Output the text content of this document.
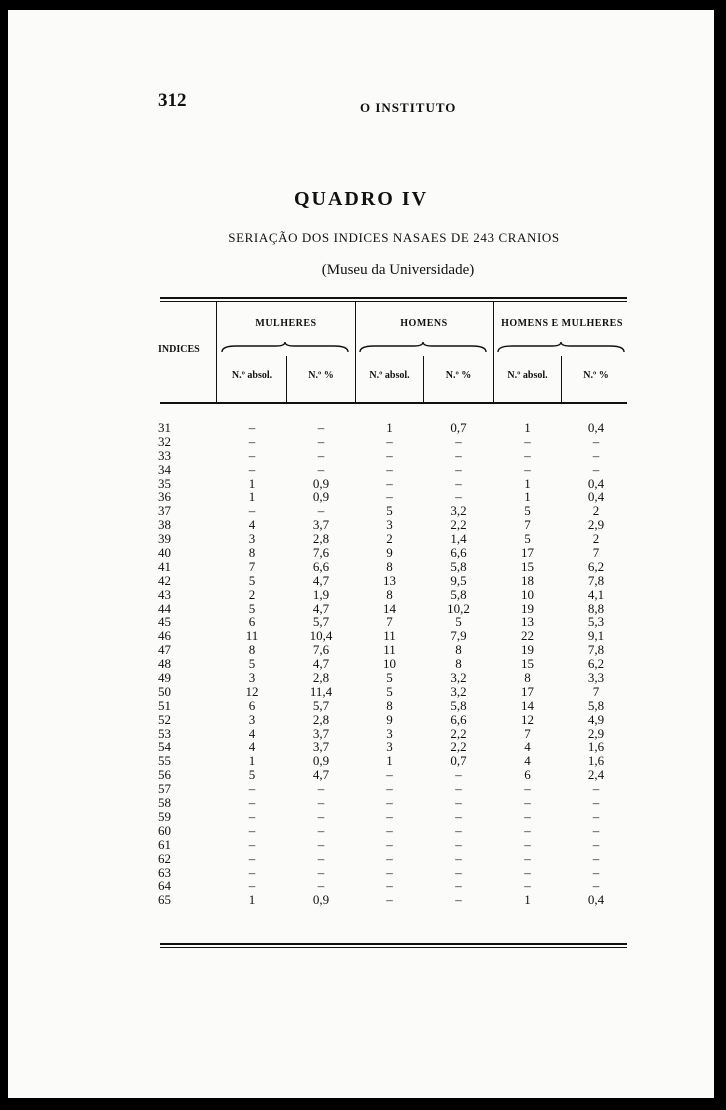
312	O INSTITUTO
QUADRO IV
SERIAÇÃO DOS INDICES NASAES DE 243 CRANIOS
(Museu da Universidade)
MULHERES	HOMENS	HOMENS E MULHERES
INDICES
N.º absol.	N.º %	N.º absol.	N.º %	N.º absol.	N.º %
31	–	–	1	0,7	1	0,4
32	–	–	–	–	–	–
33	–	–	–	–	–	–
34	–	–	–	–	–	–
35	1	0,9	–	–	1	0,4
36	1	0,9	–	–	1	0,4
37	–	–	5	3,2	5	2
38	4	3,7	3	2,2	7	2,9
39	3	2,8	2	1,4	5	2
40	8	7,6	9	6,6	17	7
41	7	6,6	8	5,8	15	6,2
42	5	4,7	13	9,5	18	7,8
43	2	1,9	8	5,8	10	4,1
44	5	4,7	14	10,2	19	8,8
45	6	5,7	7	5	13	5,3
46	11	10,4	11	7,9	22	9,1
47	8	7,6	11	8	19	7,8
48	5	4,7	10	8	15	6,2
49	3	2,8	5	3,2	8	3,3
50	12	11,4	5	3,2	17	7
51	6	5,7	8	5,8	14	5,8
52	3	2,8	9	6,6	12	4,9
53	4	3,7	3	2,2	7	2,9
54	4	3,7	3	2,2	4	1,6
55	1	0,9	1	0,7	4	1,6
56	5	4,7	–	–	6	2,4
57	–	–	–	–	–	–
58	–	–	–	–	–	–
59	–	–	–	–	–	–
60	–	–	–	–	–	–
61	–	–	–	–	–	–
62	–	–	–	–	–	–
63	–	–	–	–	–	–
64	–	–	–	–	–	–
65	1	0,9	–	–	1	0,4
